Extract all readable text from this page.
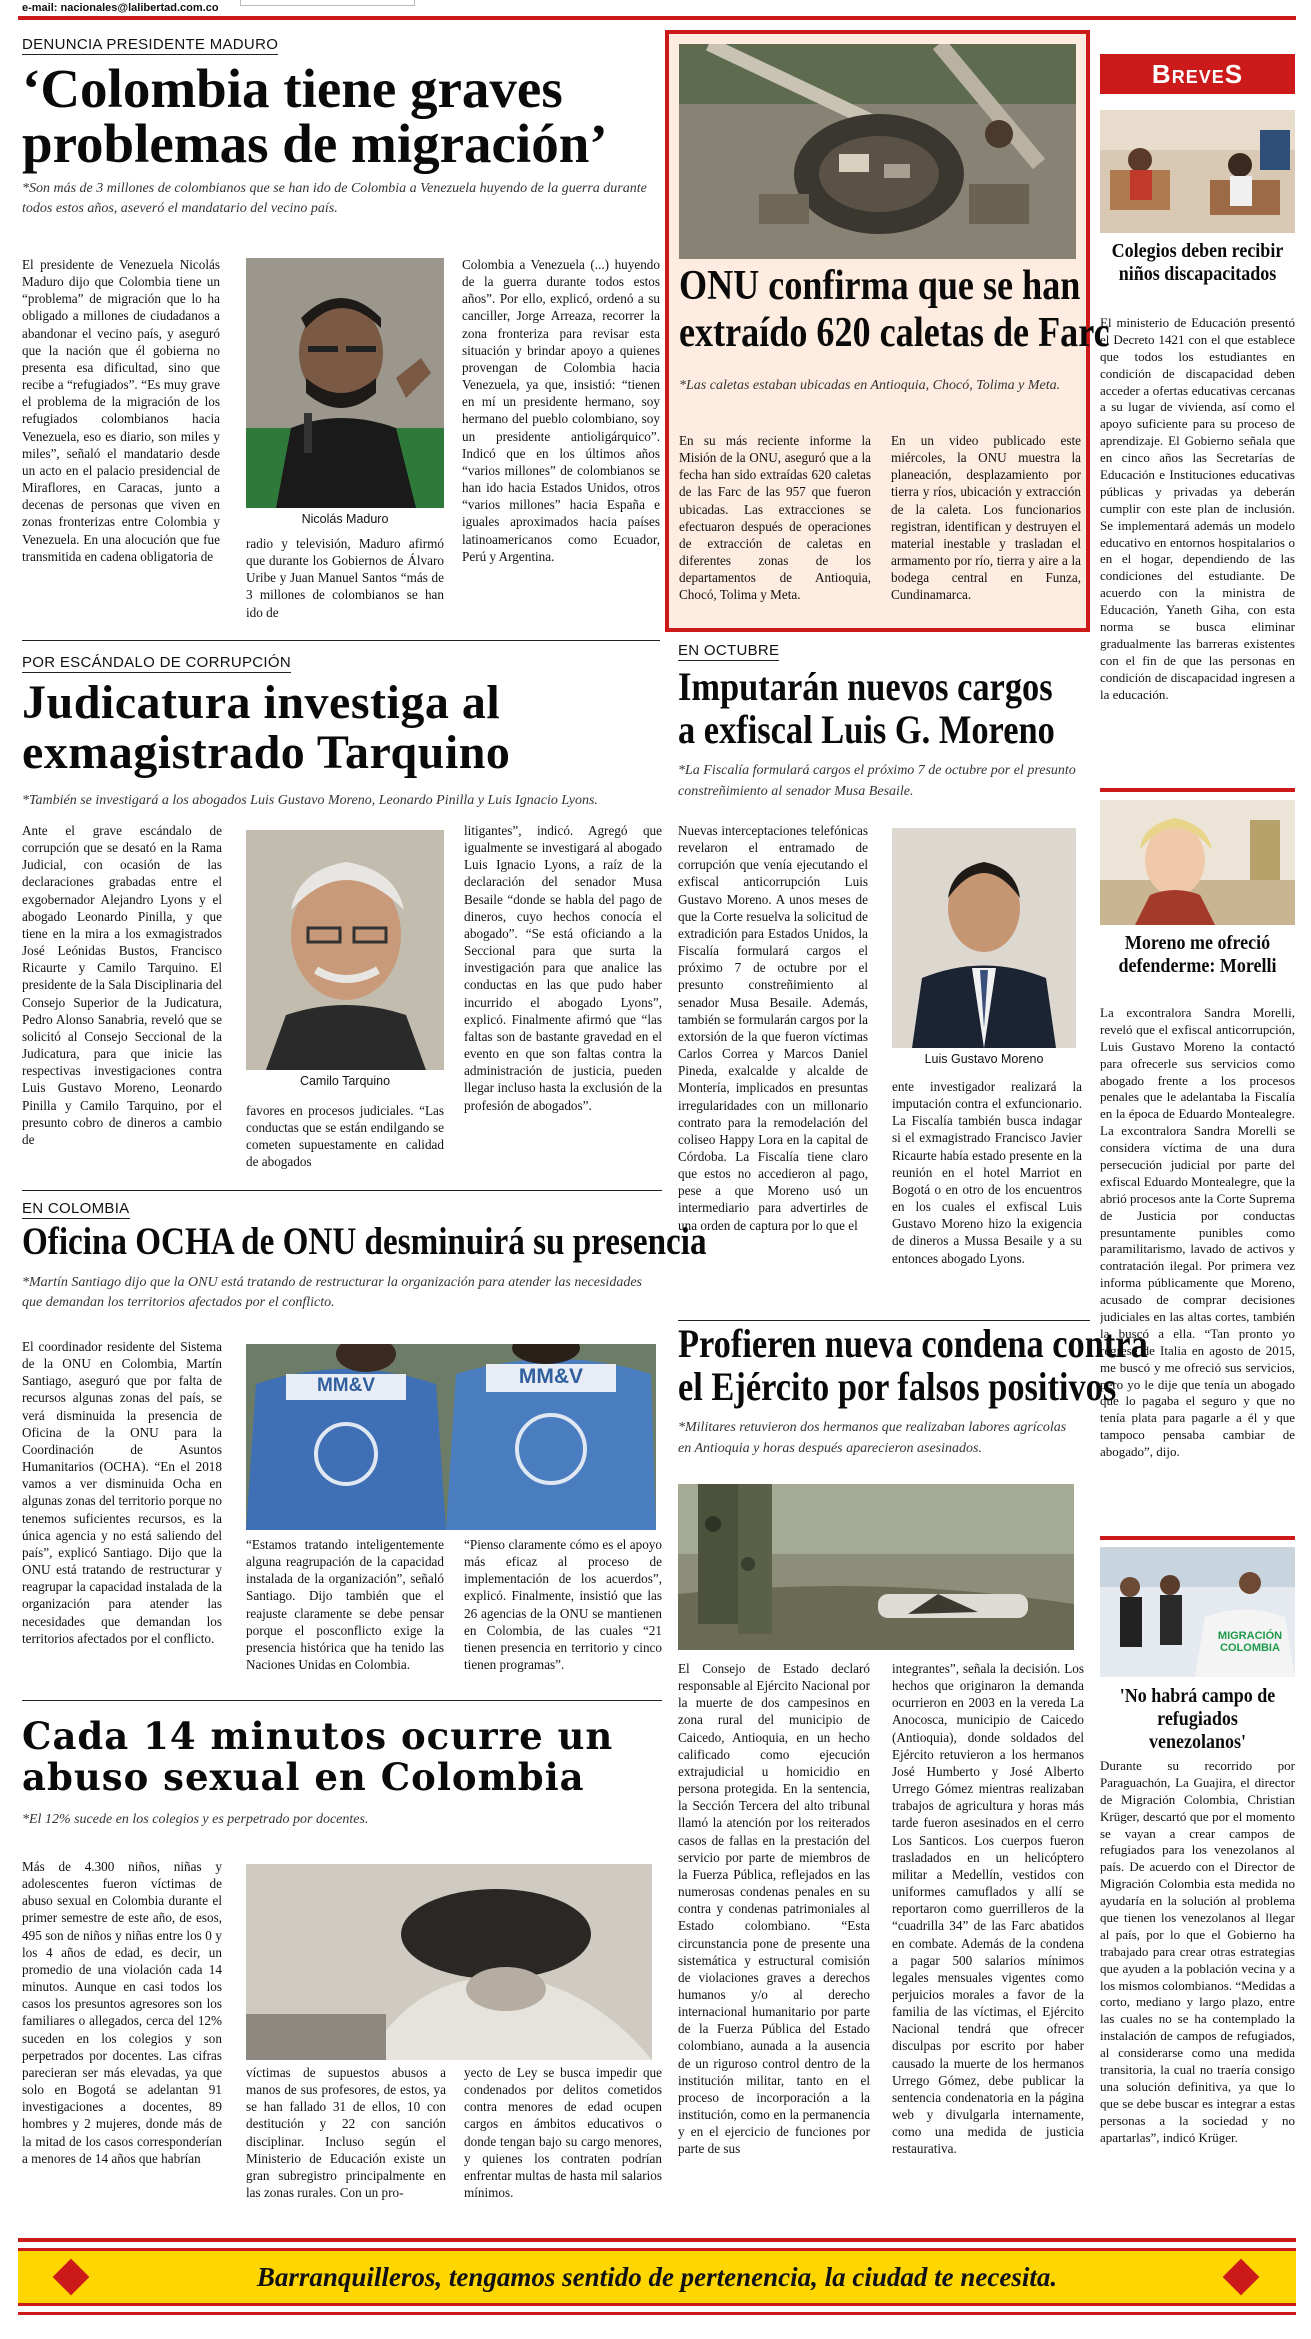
e-mail: nacionales@lalibertad.com.co
DENUNCIA PRESIDENTE MADURO
‘Colombia tiene graves
problemas de migración’
*Son más de 3 millones de colombianos que se han ido de Colombia a Venezuela huyendo de la guerra durante todos estos años, aseveró el mandatario del vecino país.
El presidente de Venezuela Nicolás Maduro dijo que Colombia tiene un “problema” de migración que lo ha obligado a millones de ciudadanos a abandonar el vecino país, y aseguró que la nación que él gobierna no presenta esa dificultad, sino que recibe a “refugiados”. “Es muy grave el problema de la migración de los refugiados colombianos hacia Venezuela, eso es diario, son miles y miles”, señaló el mandatario desde un acto en el palacio presidencial de Miraflores, en Caracas, junto a decenas de personas que viven en zonas fronterizas entre Colombia y Venezuela. En una alocución que fue transmitida en cadena obligatoria de
Nicolás Maduro
radio y televisión, Maduro afirmó que durante los Gobiernos de Álvaro Uribe y Juan Manuel Santos “más de 3 millones de colombianos se han ido de
Colombia a Venezuela (...) huyendo de la guerra durante todos estos años”. Por ello, explicó, ordenó a su canciller, Jorge Arreaza, recorrer la zona fronteriza para revisar esta situación y brindar apoyo a quienes provengan de Colombia hacia Venezuela, ya que, insistió: “tienen en mí un presidente hermano, soy hermano del pueblo colombiano, soy un presidente antioligárquico”. Indicó que en los últimos años “varios millones” de colombianos se han ido hacia Estados Unidos, otros “varios millones” hacia España e iguales aproximados hacia países latinoamericanos como Ecuador, Perú y Argentina.
ONU confirma que se han
extraído 620 caletas de Farc
*Las caletas estaban ubicadas en Antioquia, Chocó, Tolima y Meta.
En su más reciente informe la Misión de la ONU, aseguró que a la fecha han sido extraídas 620 caletas de las Farc de las 957 que fueron ubicadas. Las extracciones se efectuaron después de operaciones de extracción de caletas en diferentes zonas de los departamentos de Antioquia, Chocó, Tolima y Meta.
En un video publicado este miércoles, la ONU muestra la planeación, desplazamiento por tierra y ríos, ubicación y extracción de la caleta. Los funcionarios registran, identifican y destruyen el material inestable y trasladan el armamento por río, tierra y aire a la bodega central en Funza, Cundinamarca.
BreveS
Colegios deben recibir niños discapacitados
El ministerio de Educación presentó el Decreto 1421 con el que establece que todos los estudiantes en condición de discapacidad deben acceder a ofertas educativas cercanas a su lugar de vivienda, así como el apoyo suficiente para su proceso de aprendizaje. El Gobierno señala que en cinco años las Secretarías de Educación e Instituciones educativas públicas y privadas ya deberán cumplir con este plan de inclusión. Se implementará además un modelo educativo en entornos hospitalarios o en el hogar, dependiendo de las condiciones del estudiante. De acuerdo con la ministra de Educación, Yaneth Giha, con esta norma se busca eliminar gradualmente las barreras existentes con el fin de que las personas en condición de discapacidad ingresen a la educación.
Moreno me ofreció defenderme: Morelli
La excontralora Sandra Morelli, reveló que el exfiscal anticorrupción, Luis Gustavo Moreno la contactó para ofrecerle sus servicios como abogado frente a los procesos penales que le adelantaba la Fiscalía en la época de Eduardo Montealegre. La excontralora Sandra Morelli se considera víctima de una dura persecución judicial por parte del exfiscal Eduardo Montealegre, que la abrió procesos ante la Corte Suprema de Justicia por conductas presuntamente punibles como paramilitarismo, lavado de activos y contratación ilegal. Por primera vez informa públicamente que Moreno, acusado de comprar decisiones judiciales en las altas cortes, también la buscó a ella. “Tan pronto yo regresé de Italia en agosto de 2015, me buscó y me ofreció sus servicios, pero yo le dije que tenía un abogado que lo pagaba el seguro y que no tenía plata para pagarle a él y que tampoco pensaba cambiar de abogado”, dijo.
MIGRACIÓN COLOMBIA
'No habrá campo de refugiados venezolanos'
Durante su recorrido por Paraguachón, La Guajira, el director de Migración Colombia, Christian Krüger, descartó que por el momento se vayan a crear campos de refugiados para los venezolanos al país. De acuerdo con el Director de Migración Colombia esta medida no ayudaría en la solución al problema que tienen los venezolanos al llegar al país, por lo que el Gobierno ha trabajado para crear otras estrategias que ayuden a la población vecina y a los mismos colombianos. “Medidas a corto, mediano y largo plazo, entre las cuales no se ha contemplado la instalación de campos de refugiados, al considerarse como una medida transitoria, la cual no traería consigo una solución definitiva, ya que lo que se debe buscar es integrar a estas personas a la sociedad y no apartarlas”, indicó Krüger.
POR ESCÁNDALO DE CORRUPCIÓN
Judicatura investiga al
exmagistrado Tarquino
*También se investigará a los abogados Luis Gustavo Moreno, Leonardo Pinilla y Luis Ignacio Lyons.
Ante el grave escándalo de corrupción que se desató en la Rama Judicial, con ocasión de las declaraciones grabadas entre el exgobernador Alejandro Lyons y el abogado Leonardo Pinilla, y que tiene en la mira a los exmagistrados José Leónidas Bustos, Francisco Ricaurte y Camilo Tarquino. El presidente de la Sala Disciplinaria del Consejo Superior de la Judicatura, Pedro Alonso Sanabria, reveló que se solicitó al Consejo Seccional de la Judicatura, para que inicie las respectivas investigaciones contra Luis Gustavo Moreno, Leonardo Pinilla y Camilo Tarquino, por el presunto cobro de dineros a cambio de
Camilo Tarquino
favores en procesos judiciales. “Las conductas que se están endilgando se cometen supuestamente en calidad de abogados
litigantes”, indicó. Agregó que igualmente se investigará al abogado Luis Ignacio Lyons, a raíz de la declaración del senador Musa Besaile “donde se habla del pago de dineros, cuyo hechos conocía el abogado”. “Se está oficiando a la Seccional para que surta la investigación para que analice las conductas en las que pudo haber incurrido el abogado Lyons”, explicó. Finalmente afirmó que “las faltas son de bastante gravedad en el evento en que son faltas contra la administración de justicia, pueden llegar incluso hasta la exclusión de la profesión de abogados”.
EN OCTUBRE
Imputarán nuevos cargos
a exfiscal Luis G. Moreno
*La Fiscalía formulará cargos el próximo 7 de octubre por el presunto constreñimiento al senador Musa Besaile.
Nuevas interceptaciones telefónicas revelaron el entramado de corrupción que venía ejecutando el exfiscal anticorrupción Luis Gustavo Moreno. A unos meses de que la Corte resuelva la solicitud de extradición para Estados Unidos, la Fiscalía formulará cargos el próximo 7 de octubre por el presunto constreñimiento al senador Musa Besaile. Además, también se formularán cargos por la extorsión de la que fueron víctimas Carlos Correa y Marcos Daniel Pineda, exalcalde y alcalde de Montería, implicados en presuntas irregularidades con un millonario contrato para la remodelación del coliseo Happy Lora en la capital de Córdoba. La Fiscalía tiene claro que estos no accedieron al pago, pese a que Moreno usó un intermediario para advertirles de una orden de captura por lo que el
Luis Gustavo Moreno
ente investigador realizará la imputación contra el exfuncionario. La Fiscalía también busca indagar si el exmagistrado Francisco Javier Ricaurte había estado presente en la reunión en el hotel Marriot en Bogotá o en otro de los encuentros en los cuales el exfiscal Luis Gustavo Moreno hizo la exigencia de dineros a Mussa Besaile y a su entonces abogado Lyons.
EN COLOMBIA
Oficina OCHA de ONU desminuirá su presencia
*Martín Santiago dijo que la ONU está tratando de restructurar la organización para atender las necesidades que demandan los territorios afectados por el conflicto.
El coordinador residente del Sistema de la ONU en Colombia, Martín Santiago, aseguró que por falta de recursos algunas zonas del país, se verá disminuida la presencia de Oficina de la ONU para la Coordinación de Asuntos Humanitarios (OCHA). “En el 2018 vamos a ver disminuida Ocha en algunas zonas del territorio porque no tenemos suficientes recursos, es la única agencia y no está saliendo del país”, explicó Santiago. Dijo que la ONU está tratando de restructurar y reagrupar la capacidad instalada de la organización para atender las necesidades que demandan los territorios afectados por el conflicto.
MM&V	MM&V
“Estamos tratando inteligentemente alguna reagrupación de la capacidad instalada de la organización”, señaló Santiago. Dijo también que el reajuste claramente se debe pensar porque el posconflicto exige la presencia histórica que ha tenido las Naciones Unidas en Colombia.
“Pienso claramente cómo es el apoyo más eficaz al proceso de implementación de los acuerdos”, explicó. Finalmente, insistió que las 26 agencias de la ONU se mantienen en Colombia, de las cuales “21 tienen presencia en territorio y cinco tienen programas”.
Profieren nueva condena contra
el Ejército por falsos positivos
*Militares retuvieron dos hermanos que realizaban labores agrícolas en Antioquia y horas después aparecieron asesinados.
El Consejo de Estado declaró responsable al Ejército Nacional por la muerte de dos campesinos en zona rural del municipio de Caicedo, Antioquia, en un hecho calificado como ejecución extrajudicial u homicidio en persona protegida. En la sentencia, la Sección Tercera del alto tribunal llamó la atención por los reiterados casos de fallas en la prestación del servicio por parte de miembros de la Fuerza Pública, reflejados en las numerosas condenas penales en su contra y condenas patrimoniales al Estado colombiano. “Esta circunstancia pone de presente una sistemática y estructural comisión de violaciones graves a derechos humanos y/o al derecho internacional humanitario por parte de la Fuerza Pública del Estado colombiano, aunada a la ausencia de un riguroso control dentro de la institución militar, tanto en el proceso de incorporación a la institución, como en la permanencia y en el ejercicio de funciones por parte de sus
integrantes”, señala la decisión. Los hechos que originaron la demanda ocurrieron en 2003 en la vereda La Anocosca, municipio de Caicedo (Antioquia), donde soldados del Ejército retuvieron a los hermanos José Humberto y José Alberto Urrego Gómez mientras realizaban trabajos de agricultura y horas más tarde fueron asesinados en el cerro Los Santicos. Los cuerpos fueron trasladados en un helicóptero militar a Medellín, vestidos con uniformes camuflados y allí se reportaron como guerrilleros de la “cuadrilla 34” de las Farc abatidos en combate. Además de la condena a pagar 500 salarios mínimos legales mensuales vigentes como perjuicios morales a favor de la familia de las víctimas, el Ejército Nacional tendrá que ofrecer disculpas por escrito por haber causado la muerte de los hermanos Urrego Gómez, debe publicar la sentencia condenatoria en la página web y divulgarla internamente, como una medida de justicia restaurativa.
Cada 14 minutos ocurre un
abuso sexual en Colombia
*El 12% sucede en los colegios y es perpetrado por docentes.
Más de 4.300 niños, niñas y adolescentes fueron víctimas de abuso sexual en Colombia durante el primer semestre de este año, de esos, 495 son de niños y niñas entre los 0 y los 4 años de edad, es decir, un promedio de una violación cada 14 minutos. Aunque en casi todos los casos los presuntos agresores son los familiares o allegados, cerca del 12% suceden en los colegios y son perpetrados por docentes. Las cifras parecieran ser más elevadas, ya que solo en Bogotá se adelantan 91 investigaciones a docentes, 89 hombres y 2 mujeres, donde más de la mitad de los casos corresponderían a menores de 14 años que habrían
víctimas de supuestos abusos a manos de sus profesores, de estos, ya se han fallado 31 de ellos, 10 con destitución y 22 con sanción disciplinar. Incluso según el Ministerio de Educación existe un gran subregistro principalmente en las zonas rurales. Con un pro-
yecto de Ley se busca impedir que condenados por delitos cometidos contra menores de edad ocupen cargos en ámbitos educativos o donde tengan bajo su cargo menores, y quienes los contraten podrían enfrentar multas de hasta mil salarios mínimos.
Barranquilleros, tengamos sentido de pertenencia, la ciudad te necesita.
